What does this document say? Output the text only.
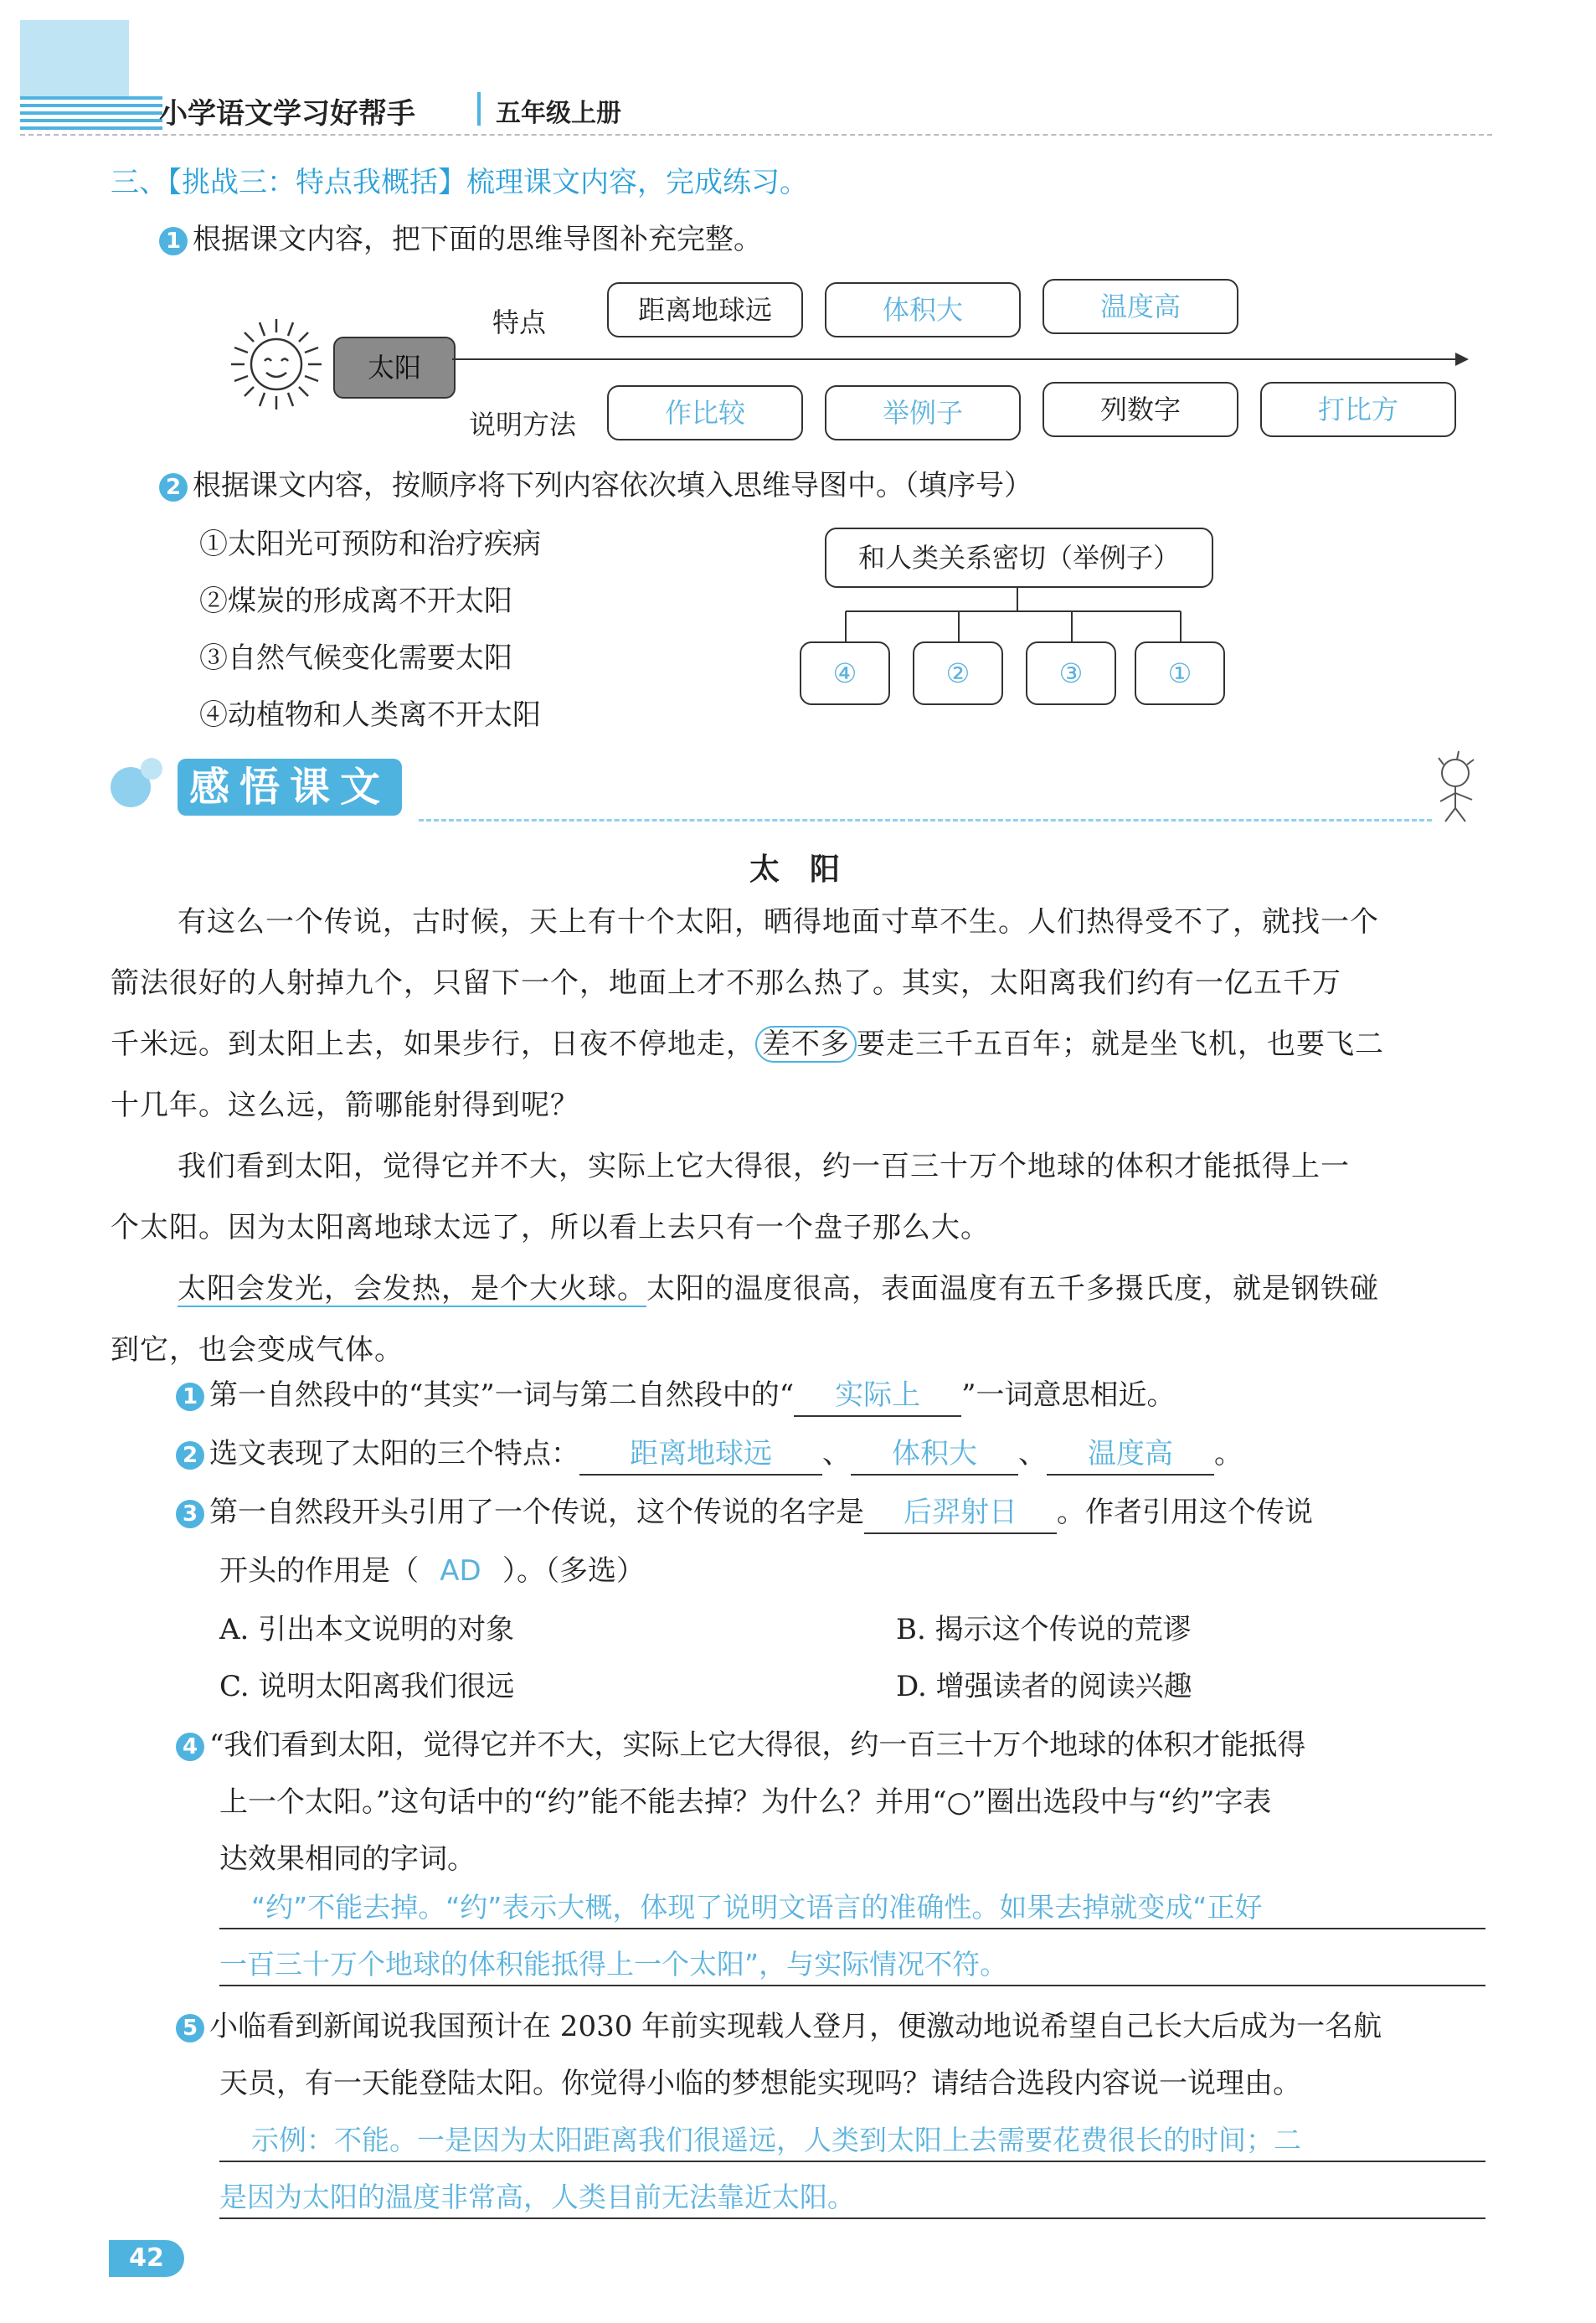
小学语文学习好帮手	五年级上册
三、【挑战三：特点我概括】梳理课文内容，完成练习。
1 根据课文内容，把下面的思维导图补充完整。
太阳
特点
说明方法
距离地球远	体积大	温度高
作比较	举例子	列数字	打比方
2 根据课文内容，按顺序将下列内容依次填入思维导图中。（填序号）
①太阳光可预防和治疗疾病
②煤炭的形成离不开太阳
③自然气候变化需要太阳
④动植物和人类离不开太阳
和人类关系密切（举例子）
④	②	③	①
感悟课文
太　阳
有这么一个传说，古时候，天上有十个太阳，晒得地面寸草不生。人们热得受不了，就找一个
箭法很好的人射掉九个，只留下一个，地面上才不那么热了。其实，太阳离我们约有一亿五千万
千米远。到太阳上去，如果步行，日夜不停地走， 差不多 要走三千五百年；就是坐飞机，也要飞二
十几年。这么远，箭哪能射得到呢？
我们看到太阳，觉得它并不大，实际上它大得很，约一百三十万个地球的体积才能抵得上一
个太阳。因为太阳离地球太远了，所以看上去只有一个盘子那么大。
太阳会发光，会发热，是个大火球。太阳的温度很高，表面温度有五千多摄氏度，就是钢铁碰
到它，也会变成气体。
1 第一自然段中的“其实”一词与第二自然段中的“ 实际上 ”一词意思相近。
2 选文表现了太阳的三个特点： 距离地球远 、 体积大 、 温度高 。
3 第一自然段开头引用了一个传说，这个传说的名字是 后羿射日 。作者引用这个传说
开头的作用是（ AD ）。（多选）
A. 引出本文说明的对象	B. 揭示这个传说的荒谬
C. 说明太阳离我们很远	D. 增强读者的阅读兴趣
4 “我们看到太阳，觉得它并不大，实际上它大得很，约一百三十万个地球的体积才能抵得
上一个太阳。”这句话中的“约”能不能去掉？为什么？并用“○”圈出选段中与“约”字表
达效果相同的字词。
“约”不能去掉。“约”表示大概，体现了说明文语言的准确性。如果去掉就变成“正好
一百三十万个地球的体积能抵得上一个太阳”，与实际情况不符。
5 小临看到新闻说我国预计在 2030 年前实现载人登月，便激动地说希望自己长大后成为一名航
天员，有一天能登陆太阳。你觉得小临的梦想能实现吗？请结合选段内容说一说理由。
示例：不能。一是因为太阳距离我们很遥远，人类到太阳上去需要花费很长的时间；二
是因为太阳的温度非常高，人类目前无法靠近太阳。
42
